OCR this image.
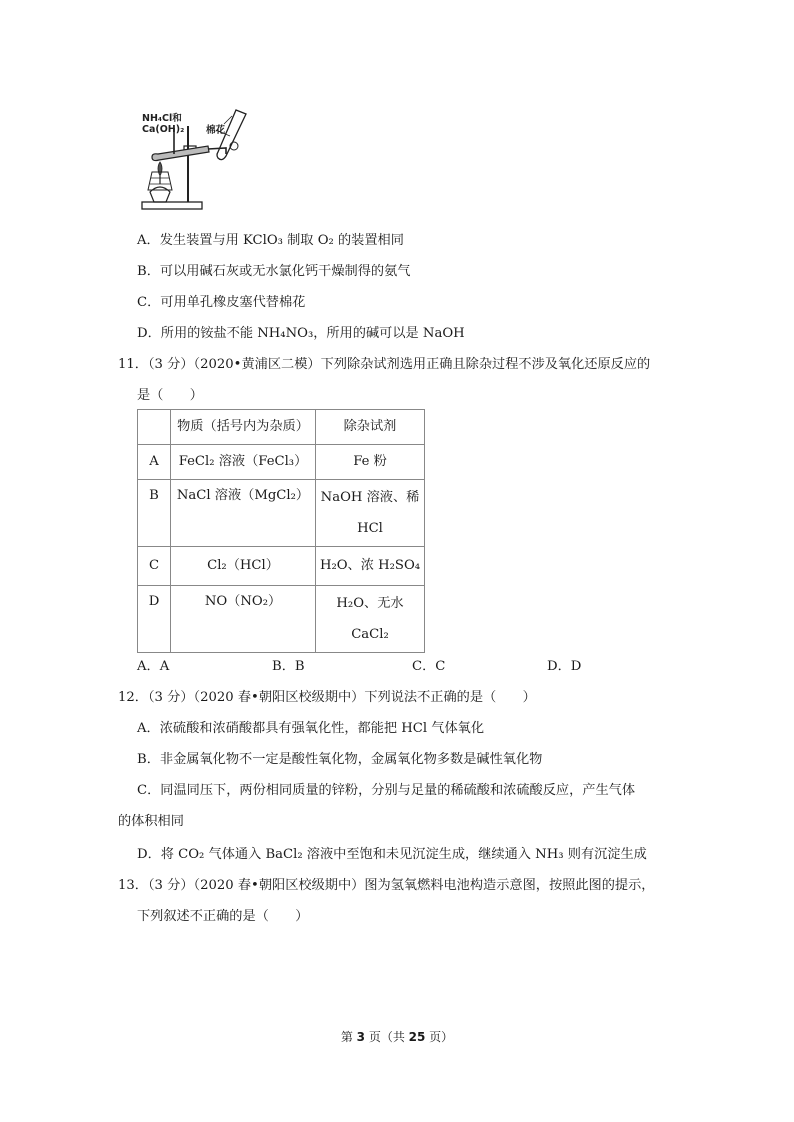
NH₄Cl和
Ca(OH)₂ 棉花
A．发生装置与用 KClO₃ 制取 O₂ 的装置相同
B．可以用碱石灰或无水氯化钙干燥制得的氨气
C．可用单孔橡皮塞代替棉花
D．所用的铵盐不能 NH₄NO₃，所用的碱可以是 NaOH
11．（3 分）（2020•黄浦区二模）下列除杂试剂选用正确且除杂过程不涉及氧化还原反应的
是（　　）
	物质（括号内为杂质）	除杂试剂
A	FeCl₂ 溶液（FeCl₃）	Fe 粉
B	NaCl 溶液（MgCl₂）	NaOH 溶液、稀
HCl

C	Cl₂（HCl）	H₂O、浓 H₂SO₄
D	NO（NO₂）	H₂O、无水
CaCl₂
A．A	B．B	C．C	D．D
12．（3 分）（2020 春•朝阳区校级期中）下列说法不正确的是（　　）
A．浓硫酸和浓硝酸都具有强氧化性，都能把 HCl 气体氧化
B．非金属氧化物不一定是酸性氧化物，金属氧化物多数是碱性氧化物
C．同温同压下，两份相同质量的锌粉，分别与足量的稀硫酸和浓硫酸反应，产生气体
的体积相同
D．将 CO₂ 气体通入 BaCl₂ 溶液中至饱和未见沉淀生成，继续通入 NH₃ 则有沉淀生成
13．（3 分）（2020 春•朝阳区校级期中）图为氢氧燃料电池构造示意图，按照此图的提示，
下列叙述不正确的是（　　）
第 3 页（共 25 页）
